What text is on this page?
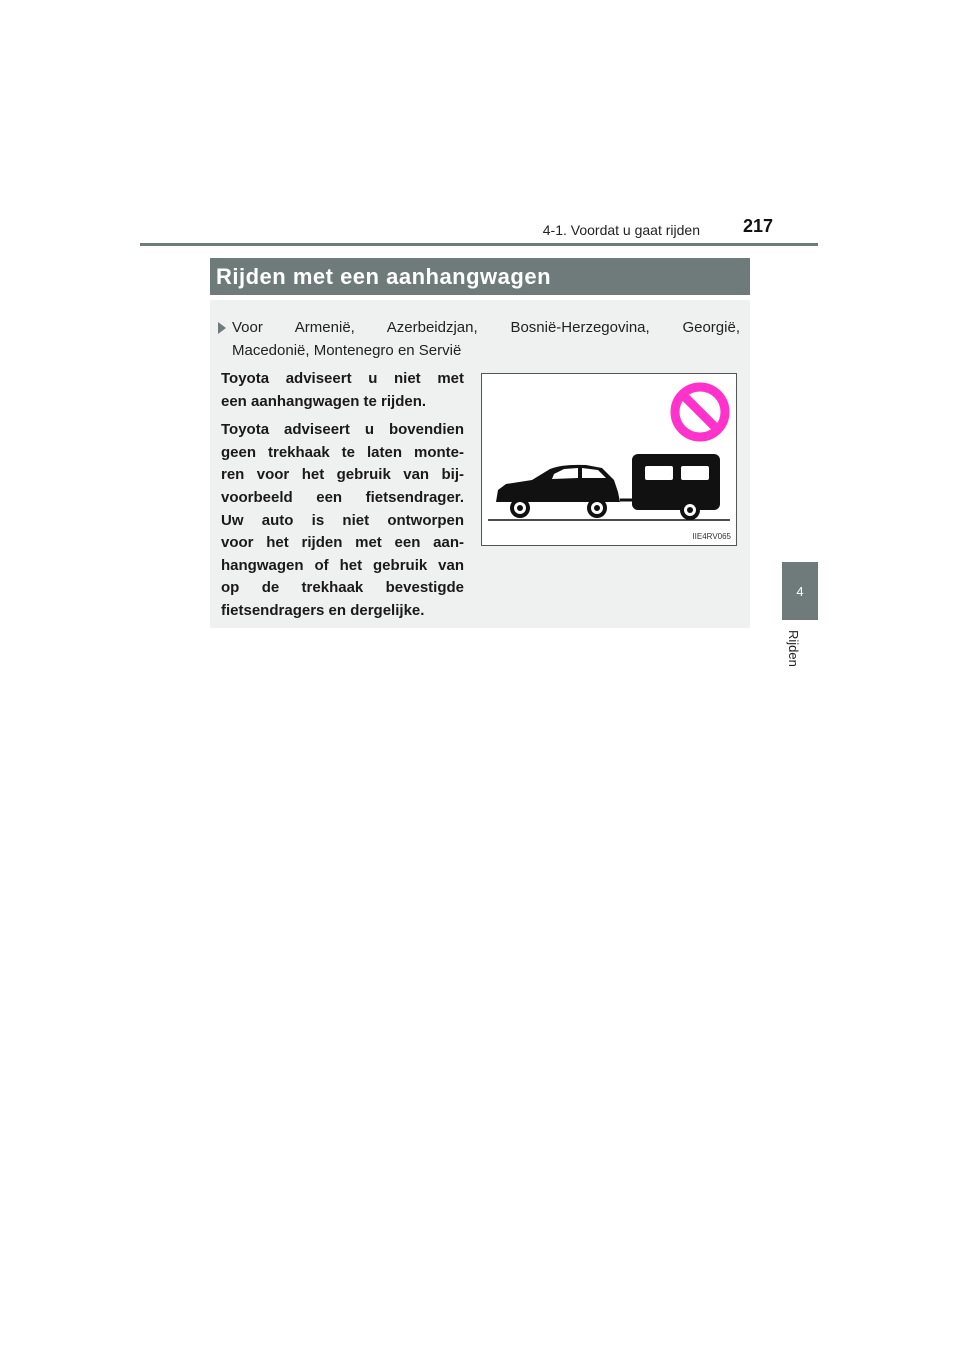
4-1. Voordat u gaat rijden 217
4
Rijden
Rijden met een aanhangwagen
Voor Armenië, Azerbeidzjan, Bosnië-Herzegovina, Georgië,
Macedonië, Montenegro en Servië

Toyota adviseert u niet met
een aanhangwagen te rijden.

Toyota adviseert u bovendien
geen trekhaak te laten monte-
ren voor het gebruik van bij-
voorbeeld een fietsendrager.
Uw auto is niet ontworpen
voor het rijden met een aan-
hangwagen of het gebruik van
op de trekhaak bevestigde
fietsendragers en dergelijke.

IIE4RV065
